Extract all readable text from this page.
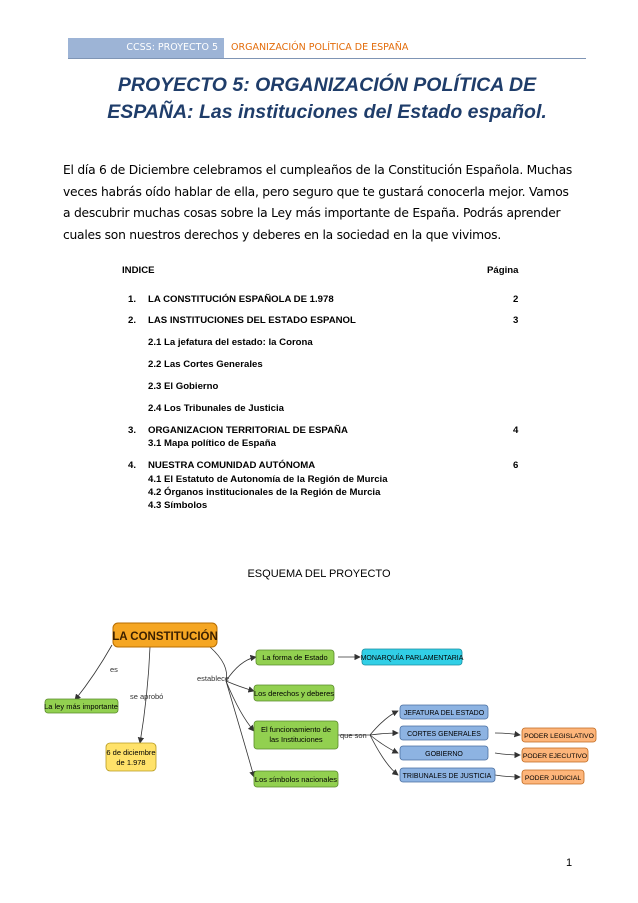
CCSS: PROYECTO 5	ORGANIZACIÓN POLÍTICA DE ESPAÑA
PROYECTO 5: ORGANIZACIÓN POLÍTICA DE
ESPAÑA: Las instituciones del Estado español.
El día 6 de Diciembre celebramos el cumpleaños de la Constitución Española. Muchas veces habrás oído hablar de ella, pero seguro que te gustará conocerla mejor. Vamos a descubrir muchas cosas sobre la Ley más importante de España. Podrás aprender cuales son nuestros derechos y deberes en la sociedad en la que vivimos.
INDICE	Página
1. LA CONSTITUCIÓN ESPAÑOLA DE 1.978	2
2. LAS INSTITUCIONES DEL ESTADO ESPANOL	3
2.1 La jefatura del estado: la Corona
2.2 Las Cortes Generales
2.3 El Gobierno
2.4 Los Tribunales de Justicia
3. ORGANIZACION TERRITORIAL DE ESPAÑA	4
3.1 Mapa político de España
4. NUESTRA COMUNIDAD AUTÓNOMA	6
4.1 El Estatuto de Autonomía de la Región de Murcia
4.2 Órganos institucionales de la Región de Murcia
4.3 Símbolos
ESQUEMA DEL PROYECTO
LA CONSTITUCIÓN
es
se aprobó
establece
que son
La ley más importante
6 de diciembre
de 1.978
La forma de Estado
Los derechos y deberes
El funcionamiento de
las Instituciones
Los símbolos nacionales
MONARQUÍA PARLAMENTARIA
JEFATURA DEL ESTADO
CORTES GENERALES
GOBIERNO
TRIBUNALES DE JUSTICIA
PODER LEGISLATIVO
PODER EJECUTIVO
PODER JUDICIAL
1
